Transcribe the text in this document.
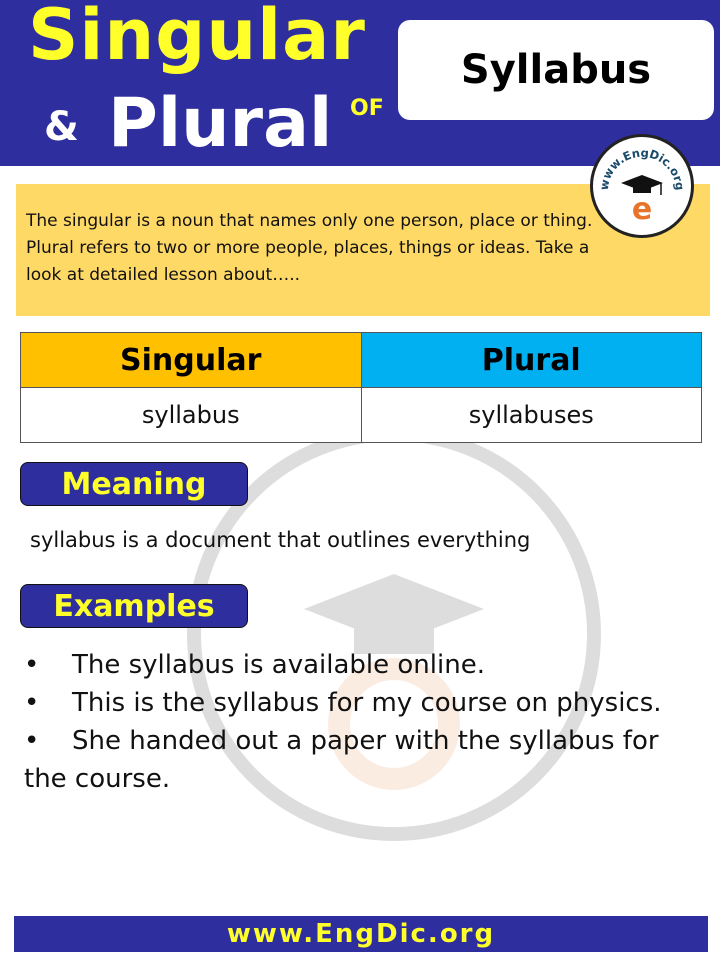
Singular
& Plural OF
Syllabus
www.EngDic.org
e
The singular is a noun that names only one person, place or thing. Plural refers to two or more people, places, things or ideas. Take a look at detailed lesson about…..
Singular	Plural
syllabus	syllabuses
Meaning
syllabus is a document that outlines everything
Examples
• The syllabus is available online.
• This is the syllabus for my course on physics.
• She handed out a paper with the syllabus for the course.
www.EngDic.org
